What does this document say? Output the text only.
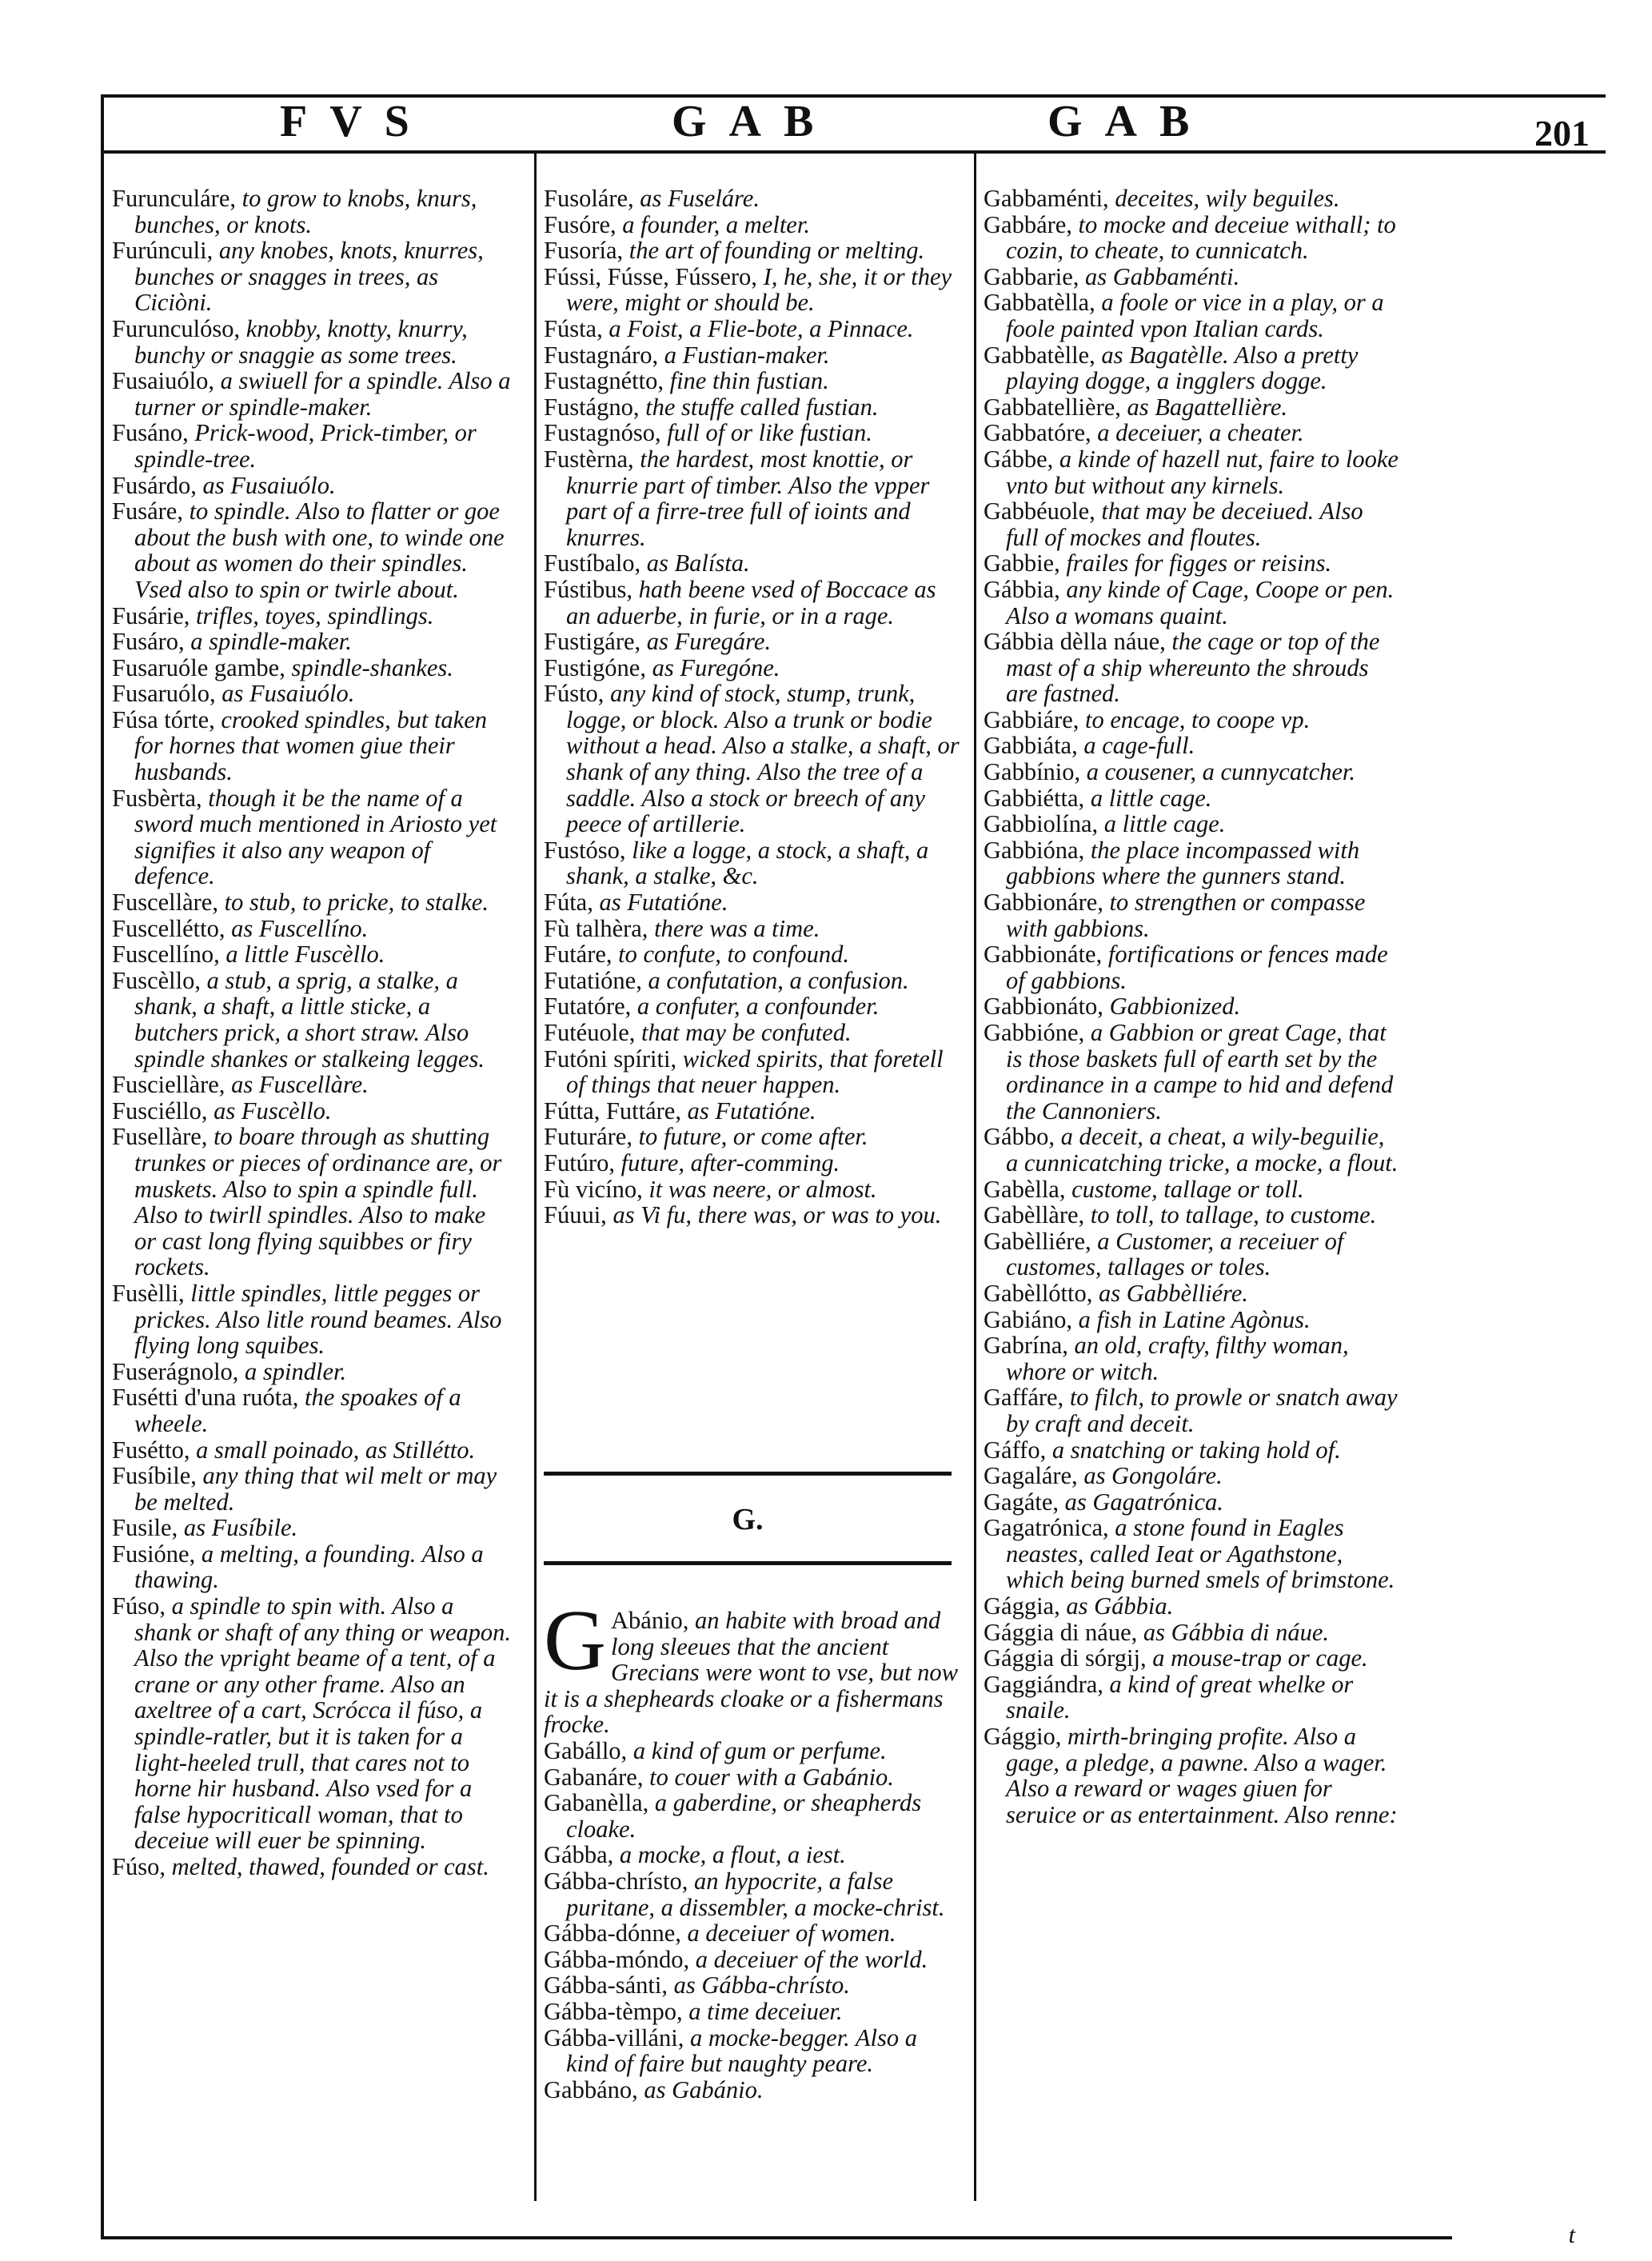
FVS	GAB	GAB	201

Furunculáre, to grow to knobs, knurs, bunches, or knots.

Furúnculi, any knobes, knots, knurres, bunches or snagges in trees, as Ciciòni.

Furunculóso, knobby, knotty, knurry, bunchy or snaggie as some trees.

Fusaiuólo, a swiuell for a spindle. Also a turner or spindle-maker.

Fusáno, Prick-wood, Prick-timber, or spindle-tree.

Fusárdo, as Fusaiuólo.

Fusáre, to spindle. Also to flatter or goe about the bush with one, to winde one about as women do their spindles. Vsed also to spin or twirle about.

Fusárie, trifles, toyes, spindlings.

Fusáro, a spindle-maker.

Fusaruóle gambe, spindle-shankes.

Fusaruólo, as Fusaiuólo.

Fúsa tórte, crooked spindles, but taken for hornes that women giue their husbands.

Fusbèrta, though it be the name of a sword much mentioned in Ariosto yet signifies it also any weapon of defence.

Fuscellàre, to stub, to pricke, to stalke.

Fuscellétto, as Fuscellíno.

Fuscellíno, a little Fuscèllo.

Fuscèllo, a stub, a sprig, a stalke, a shank, a shaft, a little sticke, a butchers prick, a short straw. Also spindle shankes or stalkeing legges.

Fusciellàre, as Fuscellàre.

Fusciéllo, as Fuscèllo.

Fusellàre, to boare through as shutting trunkes or pieces of ordinance are, or muskets. Also to spin a spindle full. Also to twirll spindles. Also to make or cast long flying squibbes or firy rockets.

Fusèlli, little spindles, little pegges or prickes. Also litle round beames. Also flying long squibes.

Fuserágnolo, a spindler.

Fusétti d'una ruóta, the spoakes of a wheele.

Fusétto, a small poinado, as Stillétto.

Fusíbile, any thing that wil melt or may be melted.

Fusile, as Fusíbile.

Fusióne, a melting, a founding. Also a thawing.

Fúso, a spindle to spin with. Also a shank or shaft of any thing or weapon. Also the vpright beame of a tent, of a crane or any other frame. Also an axeltree of a cart, Scrócca il fúso, a spindle-ratler, but it is taken for a light-heeled trull, that cares not to horne hir husband. Also vsed for a false hypocriticall woman, that to deceiue will euer be spinning.

Fúso, melted, thawed, founded or cast.

Fusoláre, as Fuseláre.

Fusóre, a founder, a melter.

Fusoría, the art of founding or melting.

Fússi, Fússe, Fússero, I, he, she, it or they were, might or should be.

Fústa, a Foist, a Flie-bote, a Pinnace.

Fustagnáro, a Fustian-maker.

Fustagnétto, fine thin fustian.

Fustágno, the stuffe called fustian.

Fustagnóso, full of or like fustian.

Fustèrna, the hardest, most knottie, or knurrie part of timber. Also the vpper part of a firre-tree full of ioints and knurres.

Fustíbalo, as Balísta.

Fústibus, hath beene vsed of Boccace as an aduerbe, in furie, or in a rage.

Fustigáre, as Furegáre.

Fustigóne, as Furegóne.

Fústo, any kind of stock, stump, trunk, logge, or block. Also a trunk or bodie without a head. Also a stalke, a shaft, or shank of any thing. Also the tree of a saddle. Also a stock or breech of any peece of artillerie.

Fustóso, like a logge, a stock, a shaft, a shank, a stalke, &c.

Fúta, as Futatióne.

Fù talhèra, there was a time.

Futáre, to confute, to confound.

Futatióne, a confutation, a confusion.

Futatóre, a confuter, a confounder.

Futéuole, that may be confuted.

Futóni spíriti, wicked spirits, that foretell of things that neuer happen.

Fútta, Futtáre, as Futatióne.

Futuráre, to future, or come after.

Futúro, future, after-comming.

Fù vicíno, it was neere, or almost.

Fúuui, as Vi fu, there was, or was to you.

G.

G Abánio, an habite with broad and long sleeues that the ancient Grecians were wont to vse, but now it is a shepheards cloake or a fishermans frocke.

Gabállo, a kind of gum or perfume.

Gabanáre, to couer with a Gabánio.

Gabanèlla, a gaberdine, or sheapherds cloake.

Gábba, a mocke, a flout, a iest.

Gábba-chrísto, an hypocrite, a false puritane, a dissembler, a mocke-christ.

Gábba-dónne, a deceiuer of women.

Gábba-móndo, a deceiuer of the world.

Gábba-sánti, as Gábba-chrísto.

Gábba-tèmpo, a time deceiuer.

Gábba-villáni, a mocke-begger. Also a kind of faire but naughty peare.

Gabbáno, as Gabánio.

Gabbaménti, deceites, wily beguiles.

Gabbáre, to mocke and deceiue withall; to cozin, to cheate, to cunnicatch.

Gabbarie, as Gabbaménti.

Gabbatèlla, a foole or vice in a play, or a foole painted vpon Italian cards.

Gabbatèlle, as Bagatèlle. Also a pretty playing dogge, a ingglers dogge.

Gabbatellière, as Bagattellière.

Gabbatóre, a deceiuer, a cheater.

Gábbe, a kinde of hazell nut, faire to looke vnto but without any kirnels.

Gabbéuole, that may be deceiued. Also full of mockes and floutes.

Gabbie, frailes for figges or reisins.

Gábbia, any kinde of Cage, Coope or pen. Also a womans quaint.

Gábbia dèlla náue, the cage or top of the mast of a ship whereunto the shrouds are fastned.

Gabbiáre, to encage, to coope vp.

Gabbiáta, a cage-full.

Gabbínio, a cousener, a cunnycatcher.

Gabbiétta, a little cage.

Gabbiolína, a little cage.

Gabbióna, the place incompassed with gabbions where the gunners stand.

Gabbionáre, to strengthen or compasse with gabbions.

Gabbionáte, fortifications or fences made of gabbions.

Gabbionáto, Gabbionized.

Gabbióne, a Gabbion or great Cage, that is those baskets full of earth set by the ordinance in a campe to hid and defend the Cannoniers.

Gábbo, a deceit, a cheat, a wily-beguilie, a cunnicatching tricke, a mocke, a flout.

Gabèlla, custome, tallage or toll.

Gabèllàre, to toll, to tallage, to custome.

Gabèlliére, a Customer, a receiuer of customes, tallages or toles.

Gabèllótto, as Gabbèlliére.

Gabiáno, a fish in Latine Agònus.

Gabrína, an old, crafty, filthy woman, whore or witch.

Gaffáre, to filch, to prowle or snatch away by craft and deceit.

Gáffo, a snatching or taking hold of.

Gagaláre, as Gongoláre.

Gagáte, as Gagatrónica.

Gagatrónica, a stone found in Eagles neastes, called Ieat or Agathstone, which being burned smels of brimstone.

Gággia, as Gábbia.

Gággia di náue, as Gábbia di náue.

Gággia di sórgij, a mouse-trap or cage.

Gaggiándra, a kind of great whelke or snaile.

Gággio, mirth-bringing profite. Also a gage, a pledge, a pawne. Also a wager. Also a reward or wages giuen for seruice or as entertainment. Also renne:

t
